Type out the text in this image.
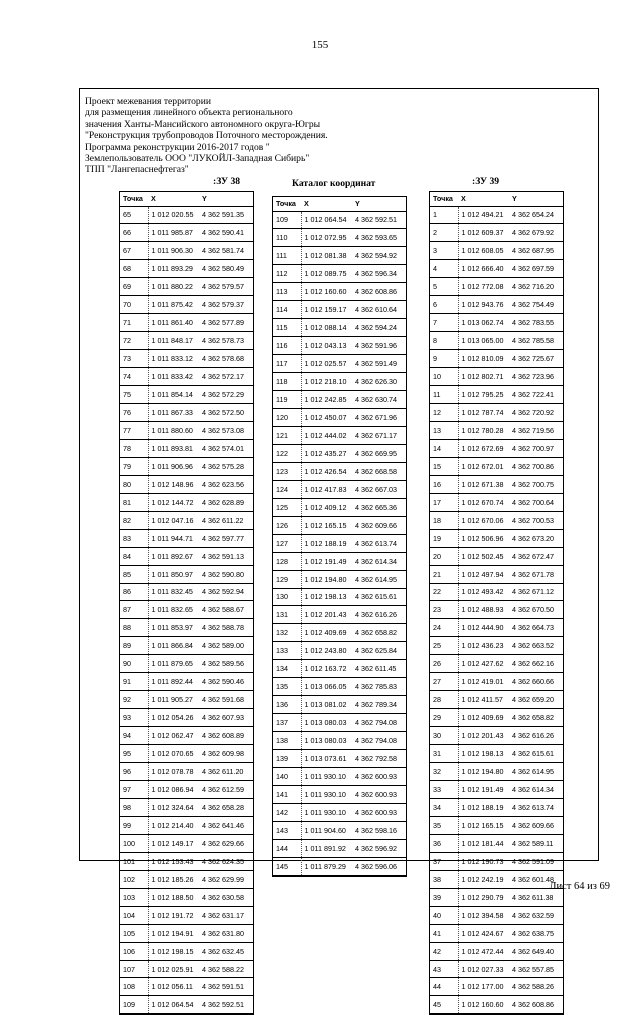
155
Проект межевания территории
для размещения линейного объекта регионального
значения Ханты-Мансийского автономного округа-Югры
"Реконструкция трубопроводов Поточного месторождения.
Программа реконструкции 2016-2017 годов "
Землепользователь ООО "ЛУКОЙЛ-Западная Сибирь"
ТПП "Лангепаснефтегаз"
:ЗУ 38	Каталог координат	:ЗУ 39
Точка	X	Y
65	1 012 020.55	4 362 591.35
66	1 011 985.87	4 362 590.41
67	1 011 906.30	4 362 581.74
68	1 011 893.29	4 362 580.49
69	1 011 880.22	4 362 579.57
70	1 011 875.42	4 362 579.37
71	1 011 861.40	4 362 577.89
72	1 011 848.17	4 362 578.73
73	1 011 833.12	4 362 578.68
74	1 011 833.42	4 362 572.17
75	1 011 854.14	4 362 572.29
76	1 011 867.33	4 362 572.50
77	1 011 880.60	4 362 573.08
78	1 011 893.81	4 362 574.01
79	1 011 906.96	4 362 575.28
80	1 012 148.96	4 362 623.56
81	1 012 144.72	4 362 628.89
82	1 012 047.16	4 362 611.22
83	1 011 944.71	4 362 597.77
84	1 011 892.67	4 362 591.13
85	1 011 850.97	4 362 590.80
86	1 011 832.45	4 362 592.94
87	1 011 832.65	4 362 588.67
88	1 011 853.97	4 362 588.78
89	1 011 866.84	4 362 589.00
90	1 011 879.65	4 362 589.56
91	1 011 892.44	4 362 590.46
92	1 011 905.27	4 362 591.68
93	1 012 054.26	4 362 607.93
94	1 012 062.47	4 362 608.89
95	1 012 070.65	4 362 609.98
96	1 012 078.78	4 362 611.20
97	1 012 086.94	4 362 612.59
98	1 012 324.64	4 362 658.28
99	1 012 214.40	4 362 641.46
100	1 012 149.17	4 362 629.66
101	1 012 153.43	4 362 624.35
102	1 012 185.26	4 362 629.99
103	1 012 188.50	4 362 630.58
104	1 012 191.72	4 362 631.17
105	1 012 194.91	4 362 631.80
106	1 012 198.15	4 362 632.45
107	1 012 025.91	4 362 588.22
108	1 012 056.11	4 362 591.51
109	1 012 064.54	4 362 592.51
Точка	X	Y
109	1 012 064.54	4 362 592.51
110	1 012 072.95	4 362 593.65
111	1 012 081.38	4 362 594.92
112	1 012 089.75	4 362 596.34
113	1 012 160.60	4 362 608.86
114	1 012 159.17	4 362 610.64
115	1 012 088.14	4 362 594.24
116	1 012 043.13	4 362 591.96
117	1 012 025.57	4 362 591.49
118	1 012 218.10	4 362 626.30
119	1 012 242.85	4 362 630.74
120	1 012 450.07	4 362 671.96
121	1 012 444.02	4 362 671.17
122	1 012 435.27	4 362 669.95
123	1 012 426.54	4 362 668.58
124	1 012 417.83	4 362 667.03
125	1 012 409.12	4 362 665.36
126	1 012 165.15	4 362 609.66
127	1 012 188.19	4 362 613.74
128	1 012 191.49	4 362 614.34
129	1 012 194.80	4 362 614.95
130	1 012 198.13	4 362 615.61
131	1 012 201.43	4 362 616.26
132	1 012 409.69	4 362 658.82
133	1 012 243.80	4 362 625.84
134	1 012 163.72	4 362 611.45
135	1 013 066.05	4 362 785.83
136	1 013 081.02	4 362 789.34
137	1 013 080.03	4 362 794.08
138	1 013 080.03	4 362 794.08
139	1 013 073.61	4 362 792.58
140	1 011 930.10	4 362 600.93
141	1 011 930.10	4 362 600.93
142	1 011 930.10	4 362 600.93
143	1 011 904.60	4 362 598.16
144	1 011 891.92	4 362 596.92
145	1 011 879.29	4 362 596.06
Точка	X	Y
1	1 012 494.21	4 362 654.24
2	1 012 609.37	4 362 679.92
3	1 012 608.05	4 362 687.95
4	1 012 666.40	4 362 697.59
5	1 012 772.08	4 362 716.20
6	1 012 943.76	4 362 754.49
7	1 013 062.74	4 362 783.55
8	1 013 065.00	4 362 785.58
9	1 012 810.09	4 362 725.67
10	1 012 802.71	4 362 723.96
11	1 012 795.25	4 362 722.41
12	1 012 787.74	4 362 720.92
13	1 012 780.28	4 362 719.56
14	1 012 672.69	4 362 700.97
15	1 012 672.01	4 362 700.86
16	1 012 671.38	4 362 700.75
17	1 012 670.74	4 362 700.64
18	1 012 670.06	4 362 700.53
19	1 012 506.96	4 362 673.20
20	1 012 502.45	4 362 672.47
21	1 012 497.94	4 362 671.78
22	1 012 493.42	4 362 671.12
23	1 012 488.93	4 362 670.50
24	1 012 444.90	4 362 664.73
25	1 012 436.23	4 362 663.52
26	1 012 427.62	4 362 662.16
27	1 012 419.01	4 362 660.66
28	1 012 411.57	4 362 659.20
29	1 012 409.69	4 362 658.82
30	1 012 201.43	4 362 616.26
31	1 012 198.13	4 362 615.61
32	1 012 194.80	4 362 614.95
33	1 012 191.49	4 362 614.34
34	1 012 188.19	4 362 613.74
35	1 012 165.15	4 362 609.66
36	1 012 181.44	4 362 589.11
37	1 012 190.73	4 362 591.09
38	1 012 242.19	4 362 601.48
39	1 012 290.79	4 362 611.38
40	1 012 394.58	4 362 632.59
41	1 012 424.67	4 362 638.75
42	1 012 472.44	4 362 649.40
43	1 012 027.33	4 362 557.85
44	1 012 177.00	4 362 588.26
45	1 012 160.60	4 362 608.86
Лист 64 из 69
